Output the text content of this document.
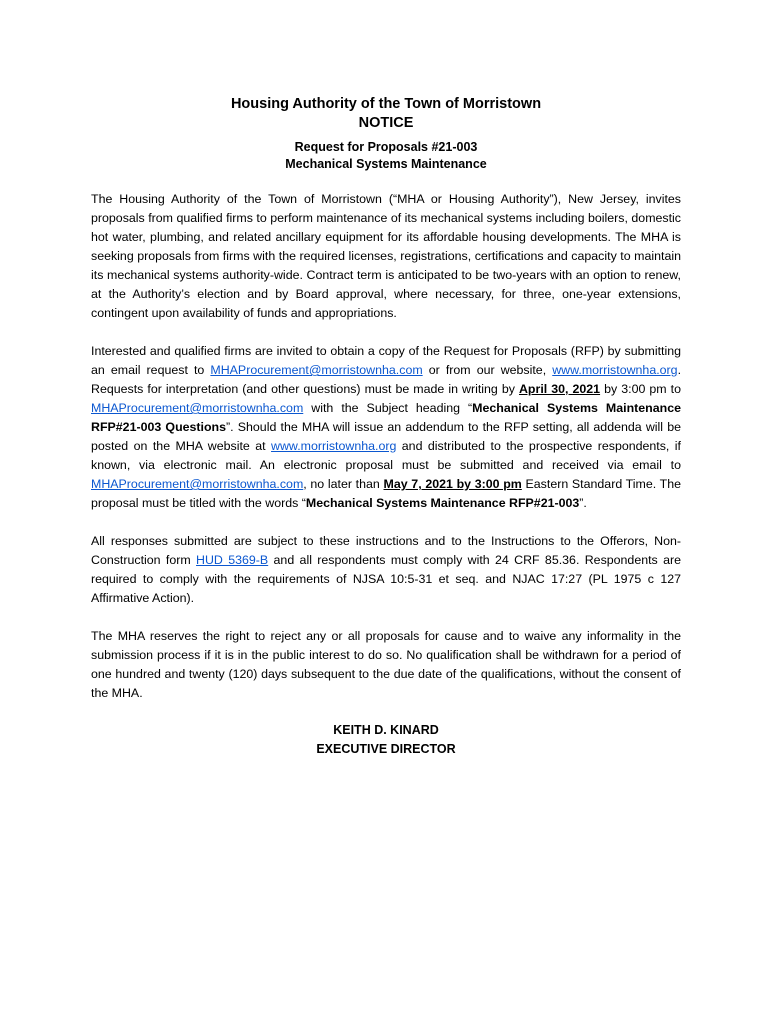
Housing Authority of the Town of Morristown
NOTICE
Request for Proposals #21-003
Mechanical Systems Maintenance

The Housing Authority of the Town of Morristown (“MHA or Housing Authority”), New Jersey, invites proposals from qualified firms to perform maintenance of its mechanical systems including boilers, domestic hot water, plumbing, and related ancillary equipment for its affordable housing developments. The MHA is seeking proposals from firms with the required licenses, registrations, certifications and capacity to maintain its mechanical systems authority-wide. Contract term is anticipated to be two-years with an option to renew, at the Authority’s election and by Board approval, where necessary, for three, one-year extensions, contingent upon availability of funds and appropriations.

Interested and qualified firms are invited to obtain a copy of the Request for Proposals (RFP) by submitting an email request to MHAProcurement@morristownha.com or from our website, www.morristownha.org. Requests for interpretation (and other questions) must be made in writing by April 30, 2021 by 3:00 pm to MHAProcurement@morristownha.com with the Subject heading “Mechanical Systems Maintenance RFP#21-003 Questions”. Should the MHA will issue an addendum to the RFP setting, all addenda will be posted on the MHA website at www.morristownha.org and distributed to the prospective respondents, if known, via electronic mail. An electronic proposal must be submitted and received via email to MHAProcurement@morristownha.com, no later than May 7, 2021 by 3:00 pm Eastern Standard Time. The proposal must be titled with the words “Mechanical Systems Maintenance RFP#21-003”.

All responses submitted are subject to these instructions and to the Instructions to the Offerors, Non-Construction form HUD 5369-B and all respondents must comply with 24 CRF 85.36. Respondents are required to comply with the requirements of NJSA 10:5-31 et seq. and NJAC 17:27 (PL 1975 c 127 Affirmative Action).

The MHA reserves the right to reject any or all proposals for cause and to waive any informality in the submission process if it is in the public interest to do so. No qualification shall be withdrawn for a period of one hundred and twenty (120) days subsequent to the due date of the qualifications, without the consent of the MHA.

KEITH D. KINARD
EXECUTIVE DIRECTOR
